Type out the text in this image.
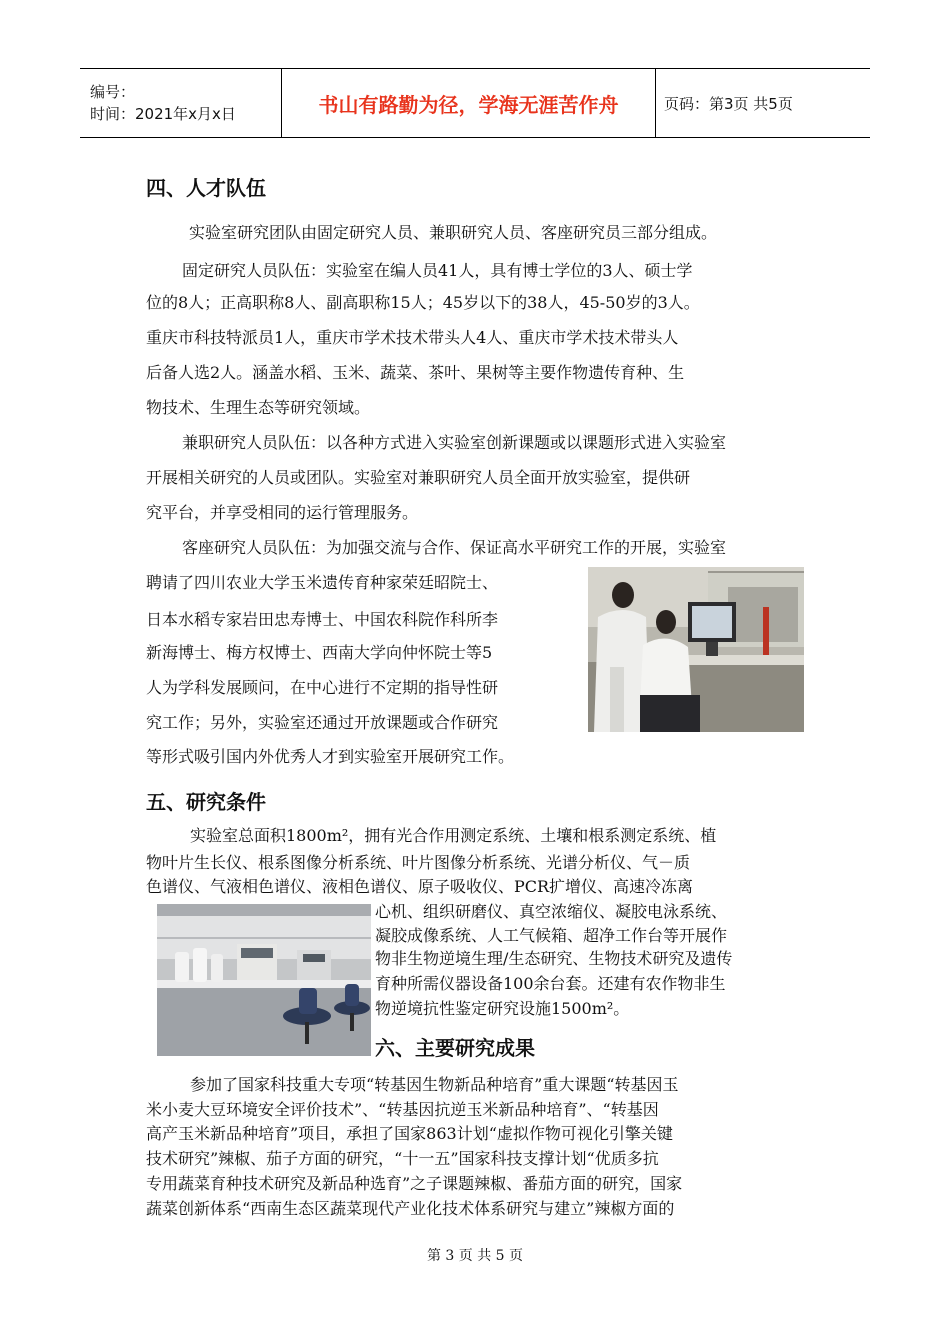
编号：
时间：2021年x月x日	书山有路勤为径，学海无涯苦作舟	页码：第3页 共5页
四、人才队伍
实验室研究团队由固定研究人员、兼职研究人员、客座研究员三部分组成。
固定研究人员队伍：实验室在编人员41人，具有博士学位的3人、硕士学
位的8人；正高职称8人、副高职称15人；45岁以下的38人，45-50岁的3人。
重庆市科技特派员1人，重庆市学术技术带头人4人、重庆市学术技术带头人
后备人选2人。涵盖水稻、玉米、蔬菜、茶叶、果树等主要作物遗传育种、生
物技术、生理生态等研究领域。
兼职研究人员队伍：以各种方式进入实验室创新课题或以课题形式进入实验室
开展相关研究的人员或团队。实验室对兼职研究人员全面开放实验室，提供研
究平台，并享受相同的运行管理服务。
客座研究人员队伍：为加强交流与合作、保证高水平研究工作的开展，实验室
聘请了四川农业大学玉米遗传育种家荣廷昭院士、
日本水稻专家岩田忠寿博士、中国农科院作科所李
新海博士、梅方权博士、西南大学向仲怀院士等5
人为学科发展顾问，在中心进行不定期的指导性研
究工作；另外，实验室还通过开放课题或合作研究
等形式吸引国内外优秀人才到实验室开展研究工作。
五、研究条件
实验室总面积1800m²，拥有光合作用测定系统、土壤和根系测定系统、植
物叶片生长仪、根系图像分析系统、叶片图像分析系统、光谱分析仪、气－质
色谱仪、气液相色谱仪、液相色谱仪、原子吸收仪、PCR扩增仪、高速冷冻离
心机、组织研磨仪、真空浓缩仪、凝胶电泳系统、
凝胶成像系统、人工气候箱、超净工作台等开展作
物非生物逆境生理/生态研究、生物技术研究及遗传
育种所需仪器设备100余台套。还建有农作物非生
物逆境抗性鉴定研究设施1500m²。
六、主要研究成果
参加了国家科技重大专项“转基因生物新品种培育”重大课题“转基因玉
米小麦大豆环境安全评价技术”、“转基因抗逆玉米新品种培育”、“转基因
高产玉米新品种培育”项目，承担了国家863计划“虚拟作物可视化引擎关键
技术研究”辣椒、茄子方面的研究，“十一五”国家科技支撑计划“优质多抗
专用蔬菜育种技术研究及新品种选育”之子课题辣椒、番茄方面的研究，国家
蔬菜创新体系“西南生态区蔬菜现代产业化技术体系研究与建立”辣椒方面的
第 3 页 共 5 页
